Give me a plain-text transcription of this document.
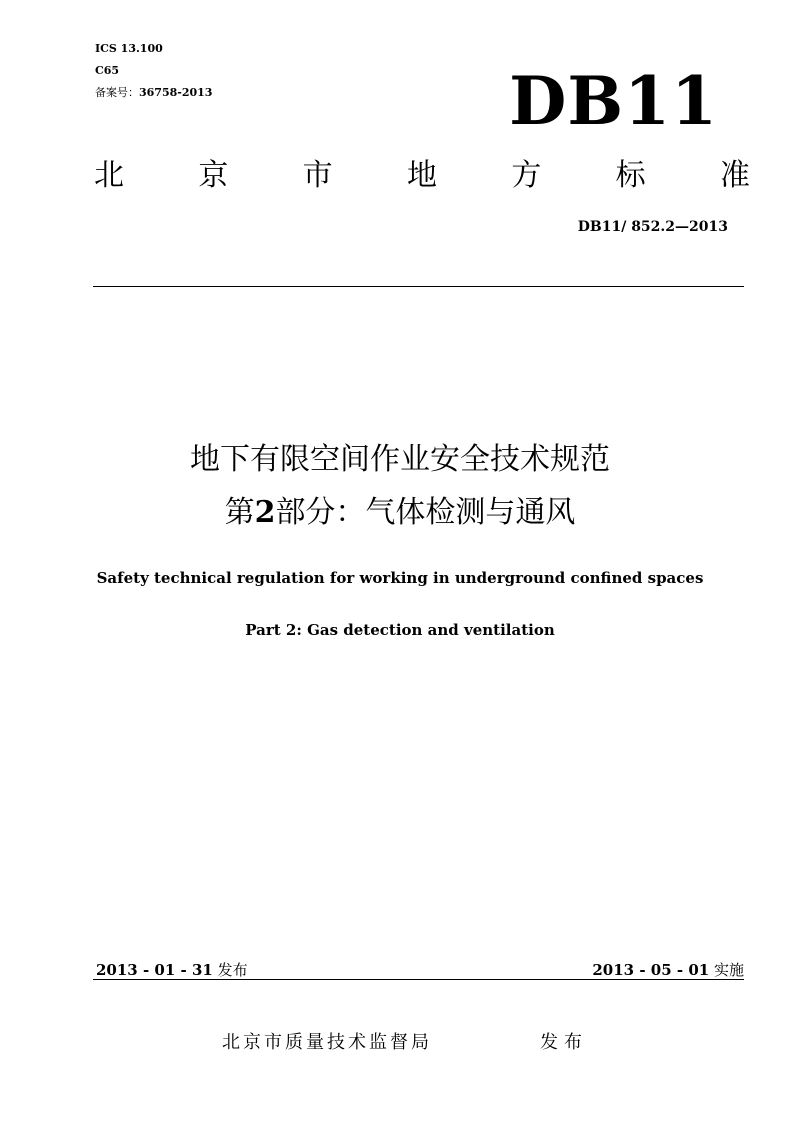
ICS 13.100
C65
备案号：36758-2013	DB11
北 京 市 地 方 标 准
DB11/ 852.2—2013
地下有限空间作业安全技术规范
第2部分：气体检测与通风
Safety technical regulation for working in underground confined spaces
Part 2: Gas detection and ventilation
2013 - 01 - 31 发布	2013 - 05 - 01 实施
北京市质量技术监督局	发布
